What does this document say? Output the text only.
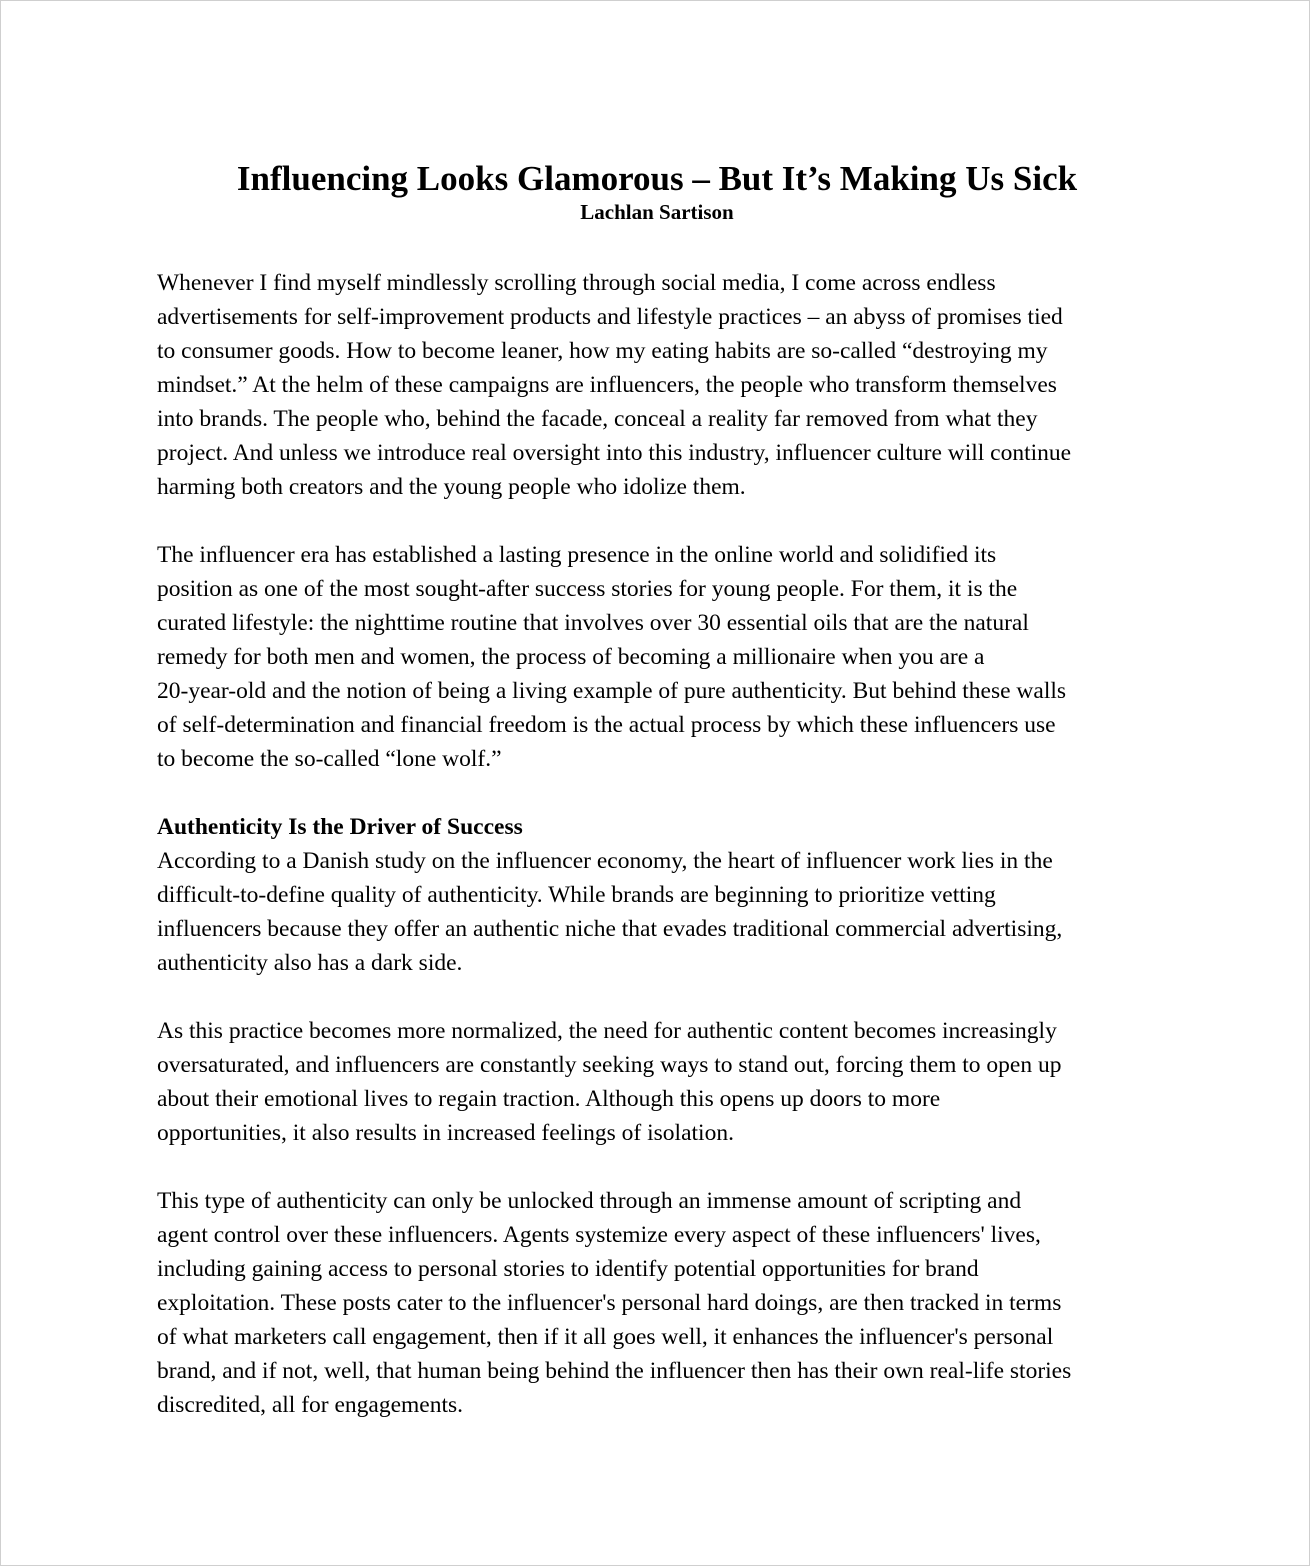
Influencing Looks Glamorous – But It’s Making Us Sick

Lachlan Sartison

Whenever I find myself mindlessly scrolling through social media, I come across endless
advertisements for self-improvement products and lifestyle practices – an abyss of promises tied
to consumer goods. How to become leaner, how my eating habits are so-called “destroying my
mindset.” At the helm of these campaigns are influencers, the people who transform themselves
into brands. The people who, behind the facade, conceal a reality far removed from what they
project. And unless we introduce real oversight into this industry, influencer culture will continue
harming both creators and the young people who idolize them.

The influencer era has established a lasting presence in the online world and solidified its
position as one of the most sought-after success stories for young people. For them, it is the
curated lifestyle: the nighttime routine that involves over 30 essential oils that are the natural
remedy for both men and women, the process of becoming a millionaire when you are a
20-year-old and the notion of being a living example of pure authenticity. But behind these walls
of self-determination and financial freedom is the actual process by which these influencers use
to become the so-called “lone wolf.”

Authenticity Is the Driver of Success

According to a Danish study on the influencer economy, the heart of influencer work lies in the
difficult-to-define quality of authenticity. While brands are beginning to prioritize vetting
influencers because they offer an authentic niche that evades traditional commercial advertising,
authenticity also has a dark side.

As this practice becomes more normalized, the need for authentic content becomes increasingly
oversaturated, and influencers are constantly seeking ways to stand out, forcing them to open up
about their emotional lives to regain traction. Although this opens up doors to more
opportunities, it also results in increased feelings of isolation.

This type of authenticity can only be unlocked through an immense amount of scripting and
agent control over these influencers. Agents systemize every aspect of these influencers' lives,
including gaining access to personal stories to identify potential opportunities for brand
exploitation. These posts cater to the influencer's personal hard doings, are then tracked in terms
of what marketers call engagement, then if it all goes well, it enhances the influencer's personal
brand, and if not, well, that human being behind the influencer then has their own real-life stories
discredited, all for engagements.
